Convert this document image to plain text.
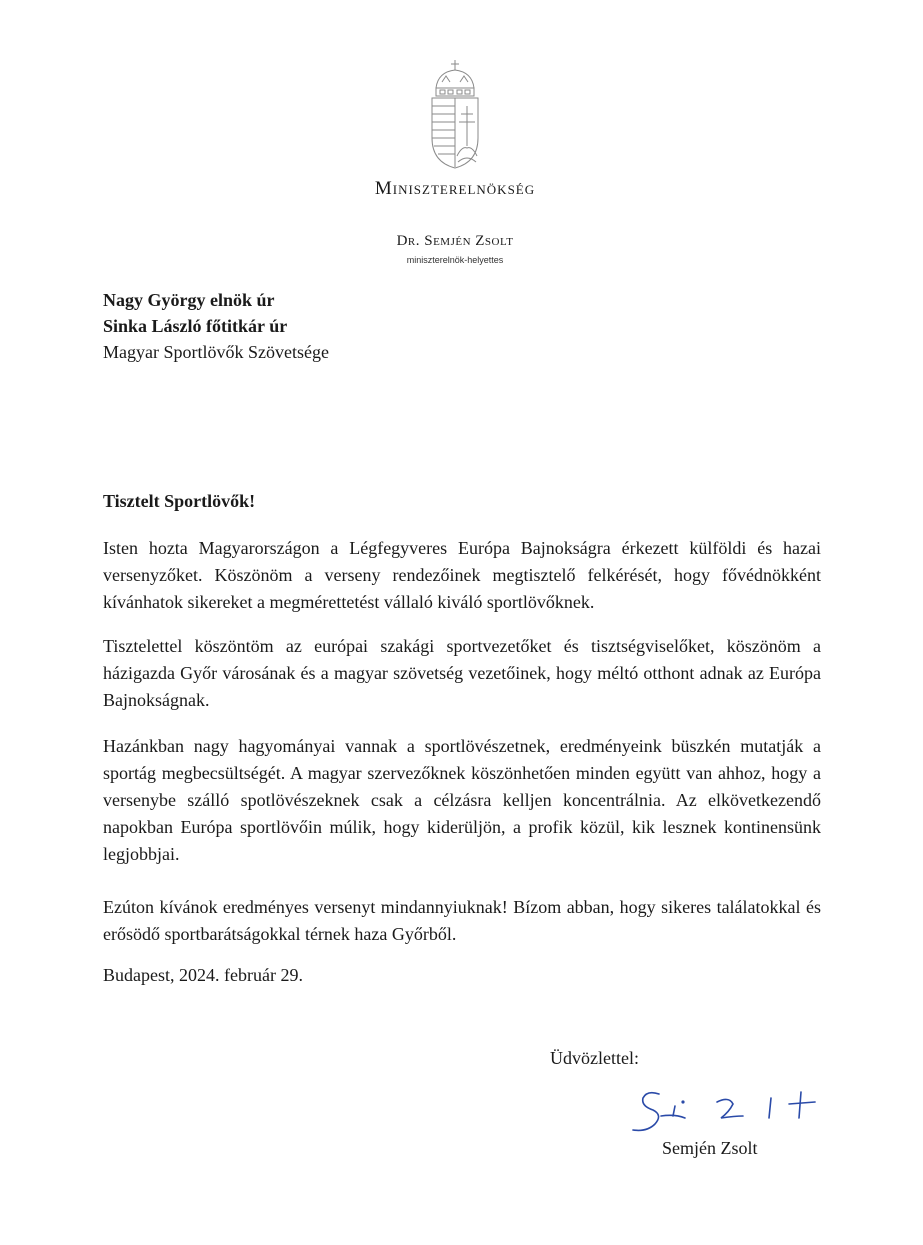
Miniszterelnökség
Dr. Semjén Zsolt
miniszterelnök-helyettes
Nagy György elnök úr
Sinka László főtitkár úr
Magyar Sportlövők Szövetsége
Tisztelt Sportlövők!

Isten hozta Magyarországon a Légfegyveres Európa Bajnokságra érkezett külföldi és hazai versenyzőket. Köszönöm a verseny rendezőinek megtisztelő felkérését, hogy fővédnökként kívánhatok sikereket a megmérettetést vállaló kiváló sportlövőknek.

Tisztelettel köszöntöm az európai szakági sportvezetőket és tisztségviselőket, köszönöm a házigazda Győr városának és a magyar szövetség vezetőinek, hogy méltó otthont adnak az Európa Bajnokságnak.

Hazánkban nagy hagyományai vannak a sportlövészetnek, eredményeink büszkén mutatják a sportág megbecsültségét. A magyar szervezőknek köszönhetően minden együtt van ahhoz, hogy a versenybe szálló spotlövészeknek csak a célzásra kelljen koncentrálnia. Az elkövetkezendő napokban Európa sportlövőin múlik, hogy kiderüljön, a profik közül, kik lesznek kontinensünk legjobbjai.

Ezúton kívánok eredményes versenyt mindannyiuknak! Bízom abban, hogy sikeres találatokkal és erősödő sportbarátságokkal térnek haza Győrből.

Budapest, 2024. február 29.
Üdvözlettel:
Semjén Zsolt
